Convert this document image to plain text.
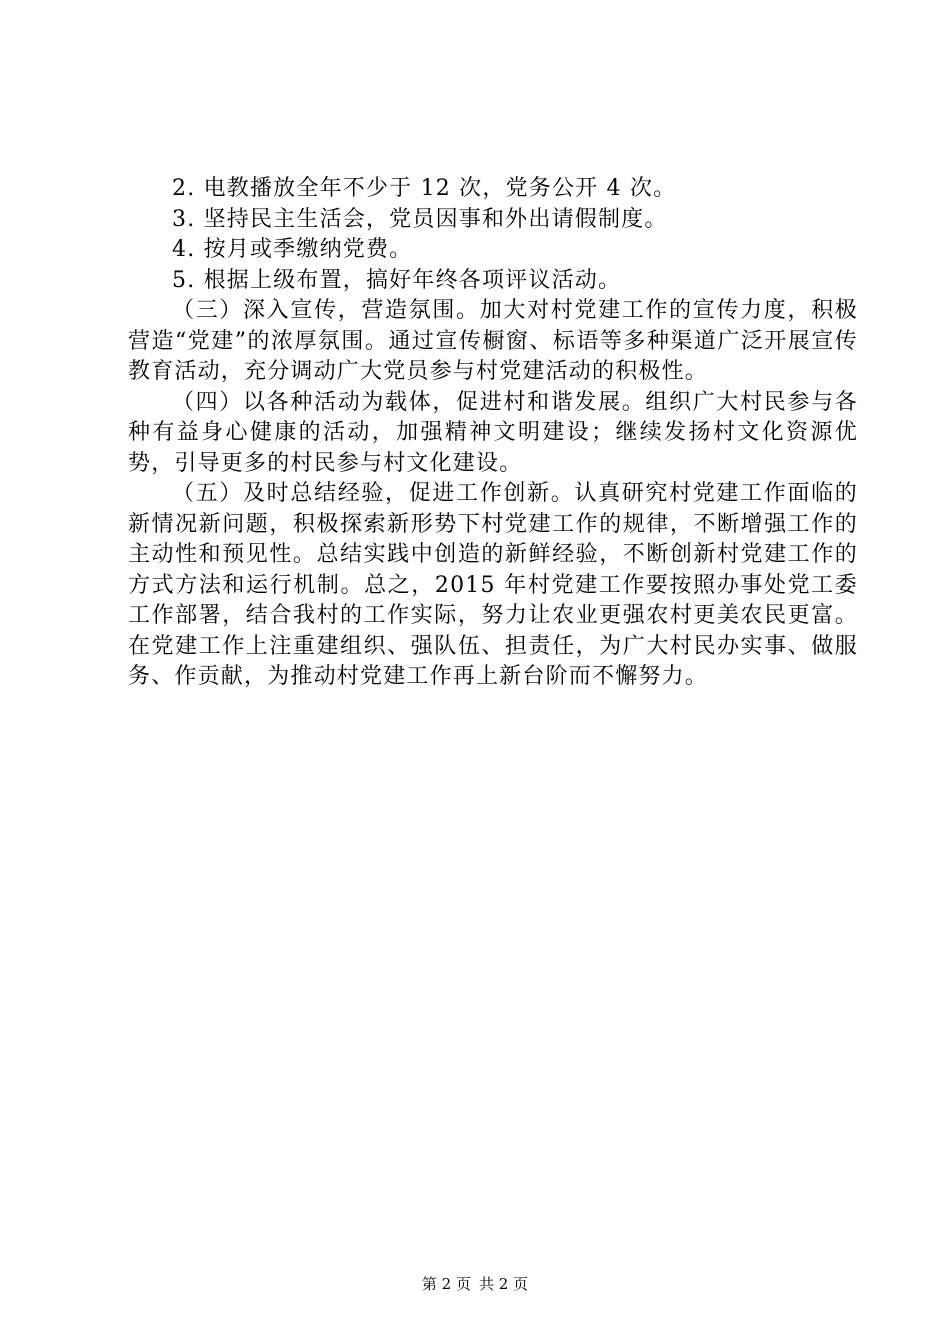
2. 电教播放全年不少于 12 次，党务公开 4 次。

3. 坚持民主生活会，党员因事和外出请假制度。

4. 按月或季缴纳党费。

5. 根据上级布置，搞好年终各项评议活动。

（三）深入宣传，营造氛围。加大对村党建工作的宣传力度，积极营造“党建”的浓厚氛围。通过宣传橱窗、标语等多种渠道广泛开展宣传教育活动，充分调动广大党员参与村党建活动的积极性。

（四）以各种活动为载体，促进村和谐发展。组织广大村民参与各种有益身心健康的活动，加强精神文明建设；继续发扬村文化资源优势，引导更多的村民参与村文化建设。

（五）及时总结经验，促进工作创新。认真研究村党建工作面临的新情况新问题，积极探索新形势下村党建工作的规律，不断增强工作的主动性和预见性。总结实践中创造的新鲜经验，不断创新村党建工作的方式方法和运行机制。总之，2015 年村党建工作要按照办事处党工委工作部署，结合我村的工作实际，努力让农业更强农村更美农民更富。在党建工作上注重建组织、强队伍、担责任，为广大村民办实事、做服务、作贡献，为推动村党建工作再上新台阶而不懈努力。

第 2 页 共 2 页
